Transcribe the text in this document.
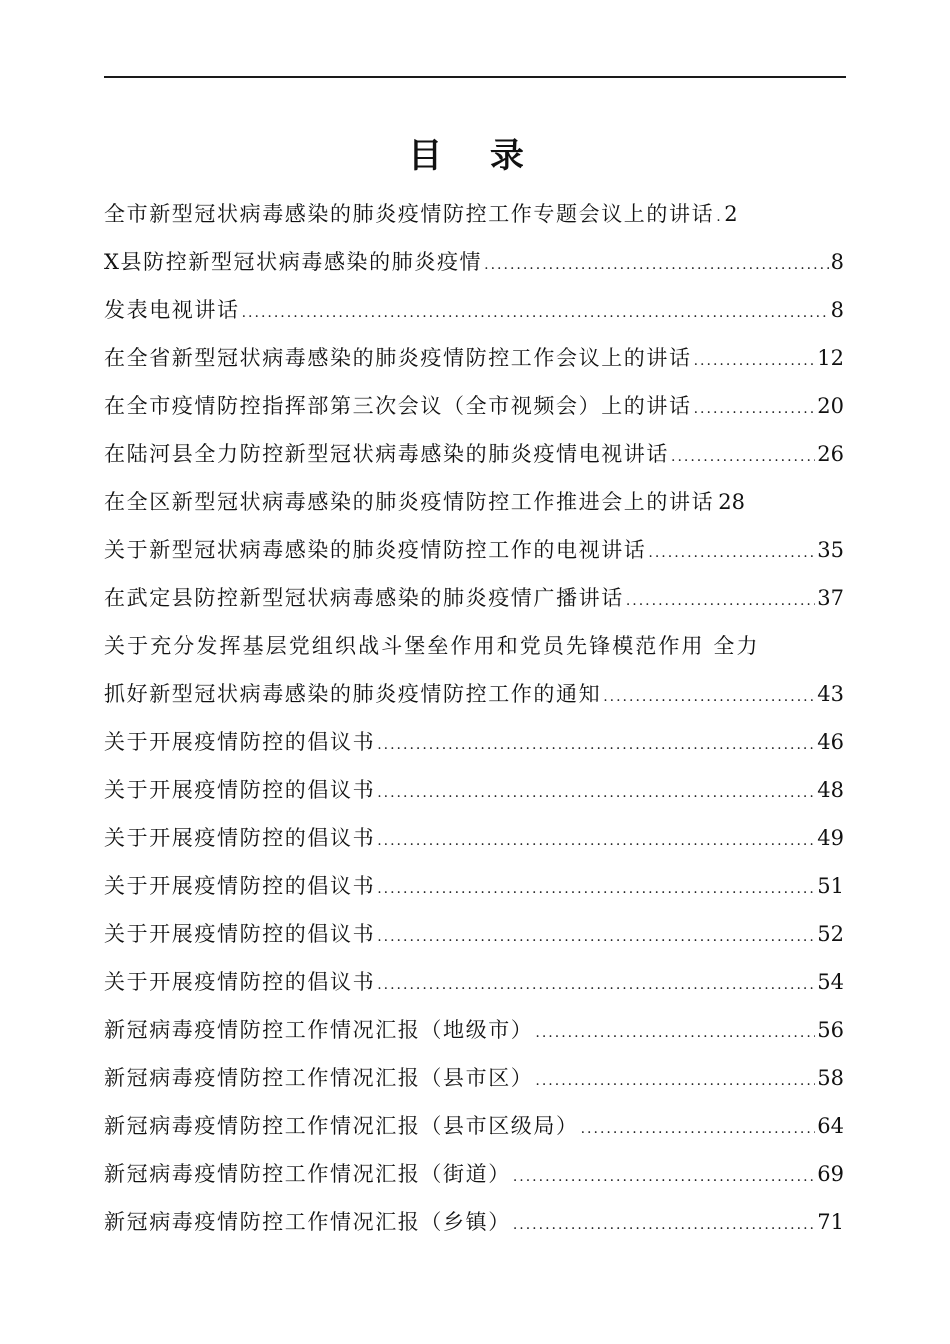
目 录
全市新型冠状病毒感染的肺炎疫情防控工作专题会议上的讲话 ..... 2
X县防控新型冠状病毒感染的肺炎疫情 .....	8
发表电视讲话 .....	8
在全省新型冠状病毒感染的肺炎疫情防控工作会议上的讲话 .....	12
在全市疫情防控指挥部第三次会议（全市视频会）上的讲话 .....	20
在陆河县全力防控新型冠状病毒感染的肺炎疫情电视讲话 .....	26
在全区新型冠状病毒感染的肺炎疫情防控工作推进会上的讲话 28
关于新型冠状病毒感染的肺炎疫情防控工作的电视讲话 .....	35
在武定县防控新型冠状病毒感染的肺炎疫情广播讲话 .....	37
关于充分发挥基层党组织战斗堡垒作用和党员先锋模范作用 全力
抓好新型冠状病毒感染的肺炎疫情防控工作的通知 .....	43
关于开展疫情防控的倡议书 .....	46
关于开展疫情防控的倡议书 .....	48
关于开展疫情防控的倡议书 .....	49
关于开展疫情防控的倡议书 .....	51
关于开展疫情防控的倡议书 .....	52
关于开展疫情防控的倡议书 .....	54
新冠病毒疫情防控工作情况汇报（地级市） .....	56
新冠病毒疫情防控工作情况汇报（县市区） .....	58
新冠病毒疫情防控工作情况汇报（县市区级局） .....	64
新冠病毒疫情防控工作情况汇报（街道） .....	69
新冠病毒疫情防控工作情况汇报（乡镇） .....	71
